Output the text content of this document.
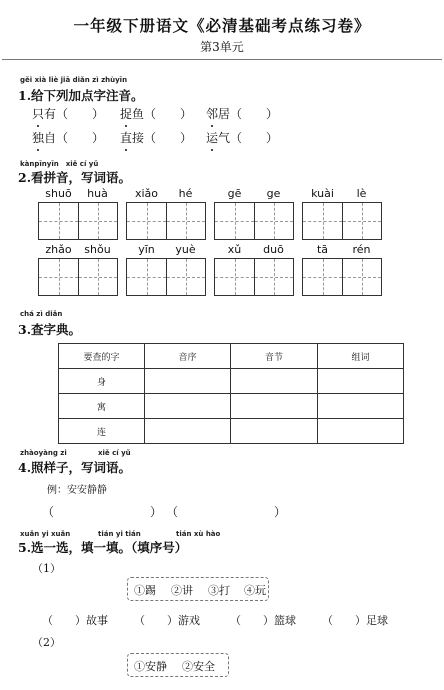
一年级下册语文《必清基础考点练习卷》
第3单元
gěi xià liè jiā diǎn zì zhùyīn
1.给下列加点字注音。
只有（　　） 捉鱼（　　） 邻居（　　）
独自（　　） 直接（　　） 运气（　　）
kànpīnyīn　xiě cí yǔ
2.看拼音，写词语。
shuō	huà	xiǎo	hé	gē	ge	kuài	lè
zhǎo	shǒu	yīn	yuè	xǔ	duō	tā	rén
chá zì diǎn
3.查字典。
要查的字	音序	音节	组词
身			
寓			
连			
zhàoyàng zi	xiě cí yǔ
4.照样子，写词语。
例：安安静静
（　　　　　　　　） （　　　　　　　　）
xuǎn yi xuǎn	tián yi tián	tián xù hào
5.选一选，填一填。（填序号）
（1）
①踢 ②讲 ③打 ④玩
（　　）故事 （　　）游戏	（　　）篮球 （　　）足球
（2）
①安静 ②安全
